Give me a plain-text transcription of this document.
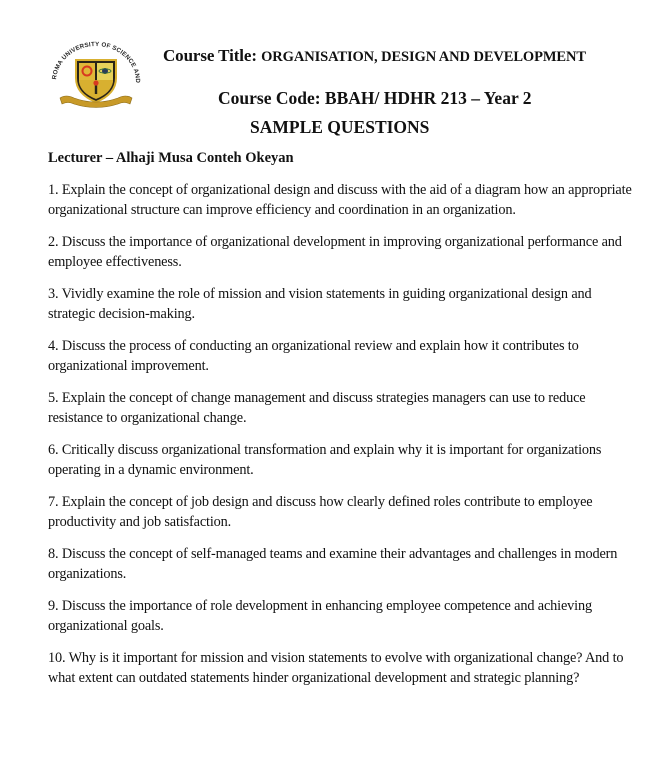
ROMA UNIVERSITY OF SCIENCE AND
Course Title: ORGANISATION, DESIGN AND DEVELOPMENT
Course Code: BBAH/ HDHR 213 – Year 2
SAMPLE QUESTIONS
Lecturer – Alhaji Musa Conteh Okeyan
1. Explain the concept of organizational design and discuss with the aid of a diagram how an appropriate organizational structure can improve efficiency and coordination in an organization.
2. Discuss the importance of organizational development in improving organizational performance and employee effectiveness.
3. Vividly examine the role of mission and vision statements in guiding organizational design and strategic decision-making.
4. Discuss the process of conducting an organizational review and explain how it contributes to organizational improvement.
5. Explain the concept of change management and discuss strategies managers can use to reduce resistance to organizational change.
6. Critically discuss organizational transformation and explain why it is important for organizations operating in a dynamic environment.
7. Explain the concept of job design and discuss how clearly defined roles contribute to employee productivity and job satisfaction.
8. Discuss the concept of self-managed teams and examine their advantages and challenges in modern organizations.
9. Discuss the importance of role development in enhancing employee competence and achieving organizational goals.
10. Why is it important for mission and vision statements to evolve with organizational change? And to what extent can outdated statements hinder organizational development and strategic planning?
